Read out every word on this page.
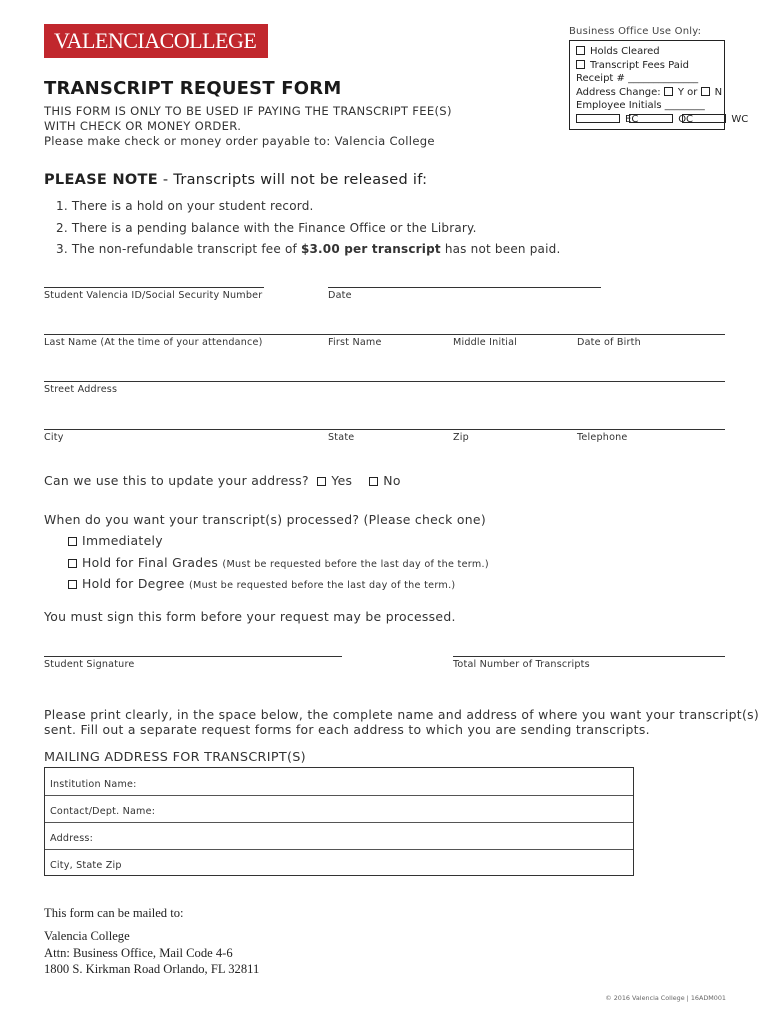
VALENCIACOLLEGE	Business Office Use Only:
Holds Cleared
Transcript Fees Paid
Receipt # ______________
Address Change: Y or N
Employee Initials ________
EC	OC	WC
TRANSCRIPT REQUEST FORM
THIS FORM IS ONLY TO BE USED IF PAYING THE TRANSCRIPT FEE(S)
WITH CHECK OR MONEY ORDER.
Please make check or money order payable to: Valencia College
PLEASE NOTE - Transcripts will not be released if:
1. There is a hold on your student record.
2. There is a pending balance with the Finance Office or the Library.
3. The non-refundable transcript fee of $3.00 per transcript has not been paid.
Student Valencia ID/Social Security Number	Date
Last Name (At the time of your attendance)	First Name	Middle Initial	Date of Birth
Street Address
City	State	Zip	Telephone
Can we use this to update your address? Yes No
When do you want your transcript(s) processed? (Please check one)
Immediately
Hold for Final Grades (Must be requested before the last day of the term.)
Hold for Degree (Must be requested before the last day of the term.)
You must sign this form before your request may be processed.
Student Signature	Total Number of Transcripts
Please print clearly, in the space below, the complete name and address of where you want your transcript(s)
sent. Fill out a separate request forms for each address to which you are sending transcripts.
MAILING ADDRESS FOR TRANSCRIPT(S)
Institution Name:
Contact/Dept. Name:
Address:
City, State Zip
This form can be mailed to:
Valencia College
Attn: Business Office, Mail Code 4-6
1800 S. Kirkman Road Orlando, FL 32811
© 2016 Valencia College | 16ADM001
